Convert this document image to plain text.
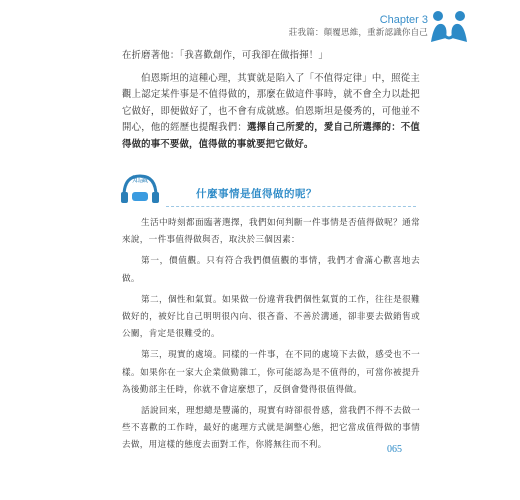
Chapter 3
莊我篇：顛覆思維，重新認識你自己

在折磨著他：「我喜歡創作，可我卻在做指揮！」

伯恩斯坦的這種心理，其實就是陷入了「不值得定律」中，照從主觀上認定某件事是不值得做的，那麼在做這件事時，就不會全力以赴把它做好，即便做好了，也不會有成就感。伯恩斯坦是優秀的，可他並不開心，他的經歷也提醒我們：選擇自己所愛的，愛自己所選擇的：不值得做的事不要做，值得做的事就要把它做好。

知識
什麼事情是值得做的呢？

生活中時刻都面臨著選擇，我們如何判斷一件事情是否值得做呢？通常來說，一件事值得做與否，取決於三個因素：

第一，價值觀。只有符合我們價值觀的事情，我們才會滿心歡喜地去做。

第二，個性和氣質。如果做一份違背我們個性氣質的工作，往往是很難做好的，被好比自己明明很內向、很吝嗇、不善於溝通，卻非要去做銷售或公關，肯定是很難受的。

第三，現實的處境。同樣的一件事，在不同的處境下去做，感受也不一樣。如果你在一家大企業做勤雜工，你可能認為是不值得的，可當你被提升為後勤部主任時，你就不會這麼想了，反倒會覺得很值得做。

話說回來，理想總是豐滿的，現實有時卻很骨感，當我們不得不去做一些不喜歡的工作時，最好的處理方式就是調整心態，把它當成值得做的事情去做，用這樣的態度去面對工作，你將無往而不利。	065
